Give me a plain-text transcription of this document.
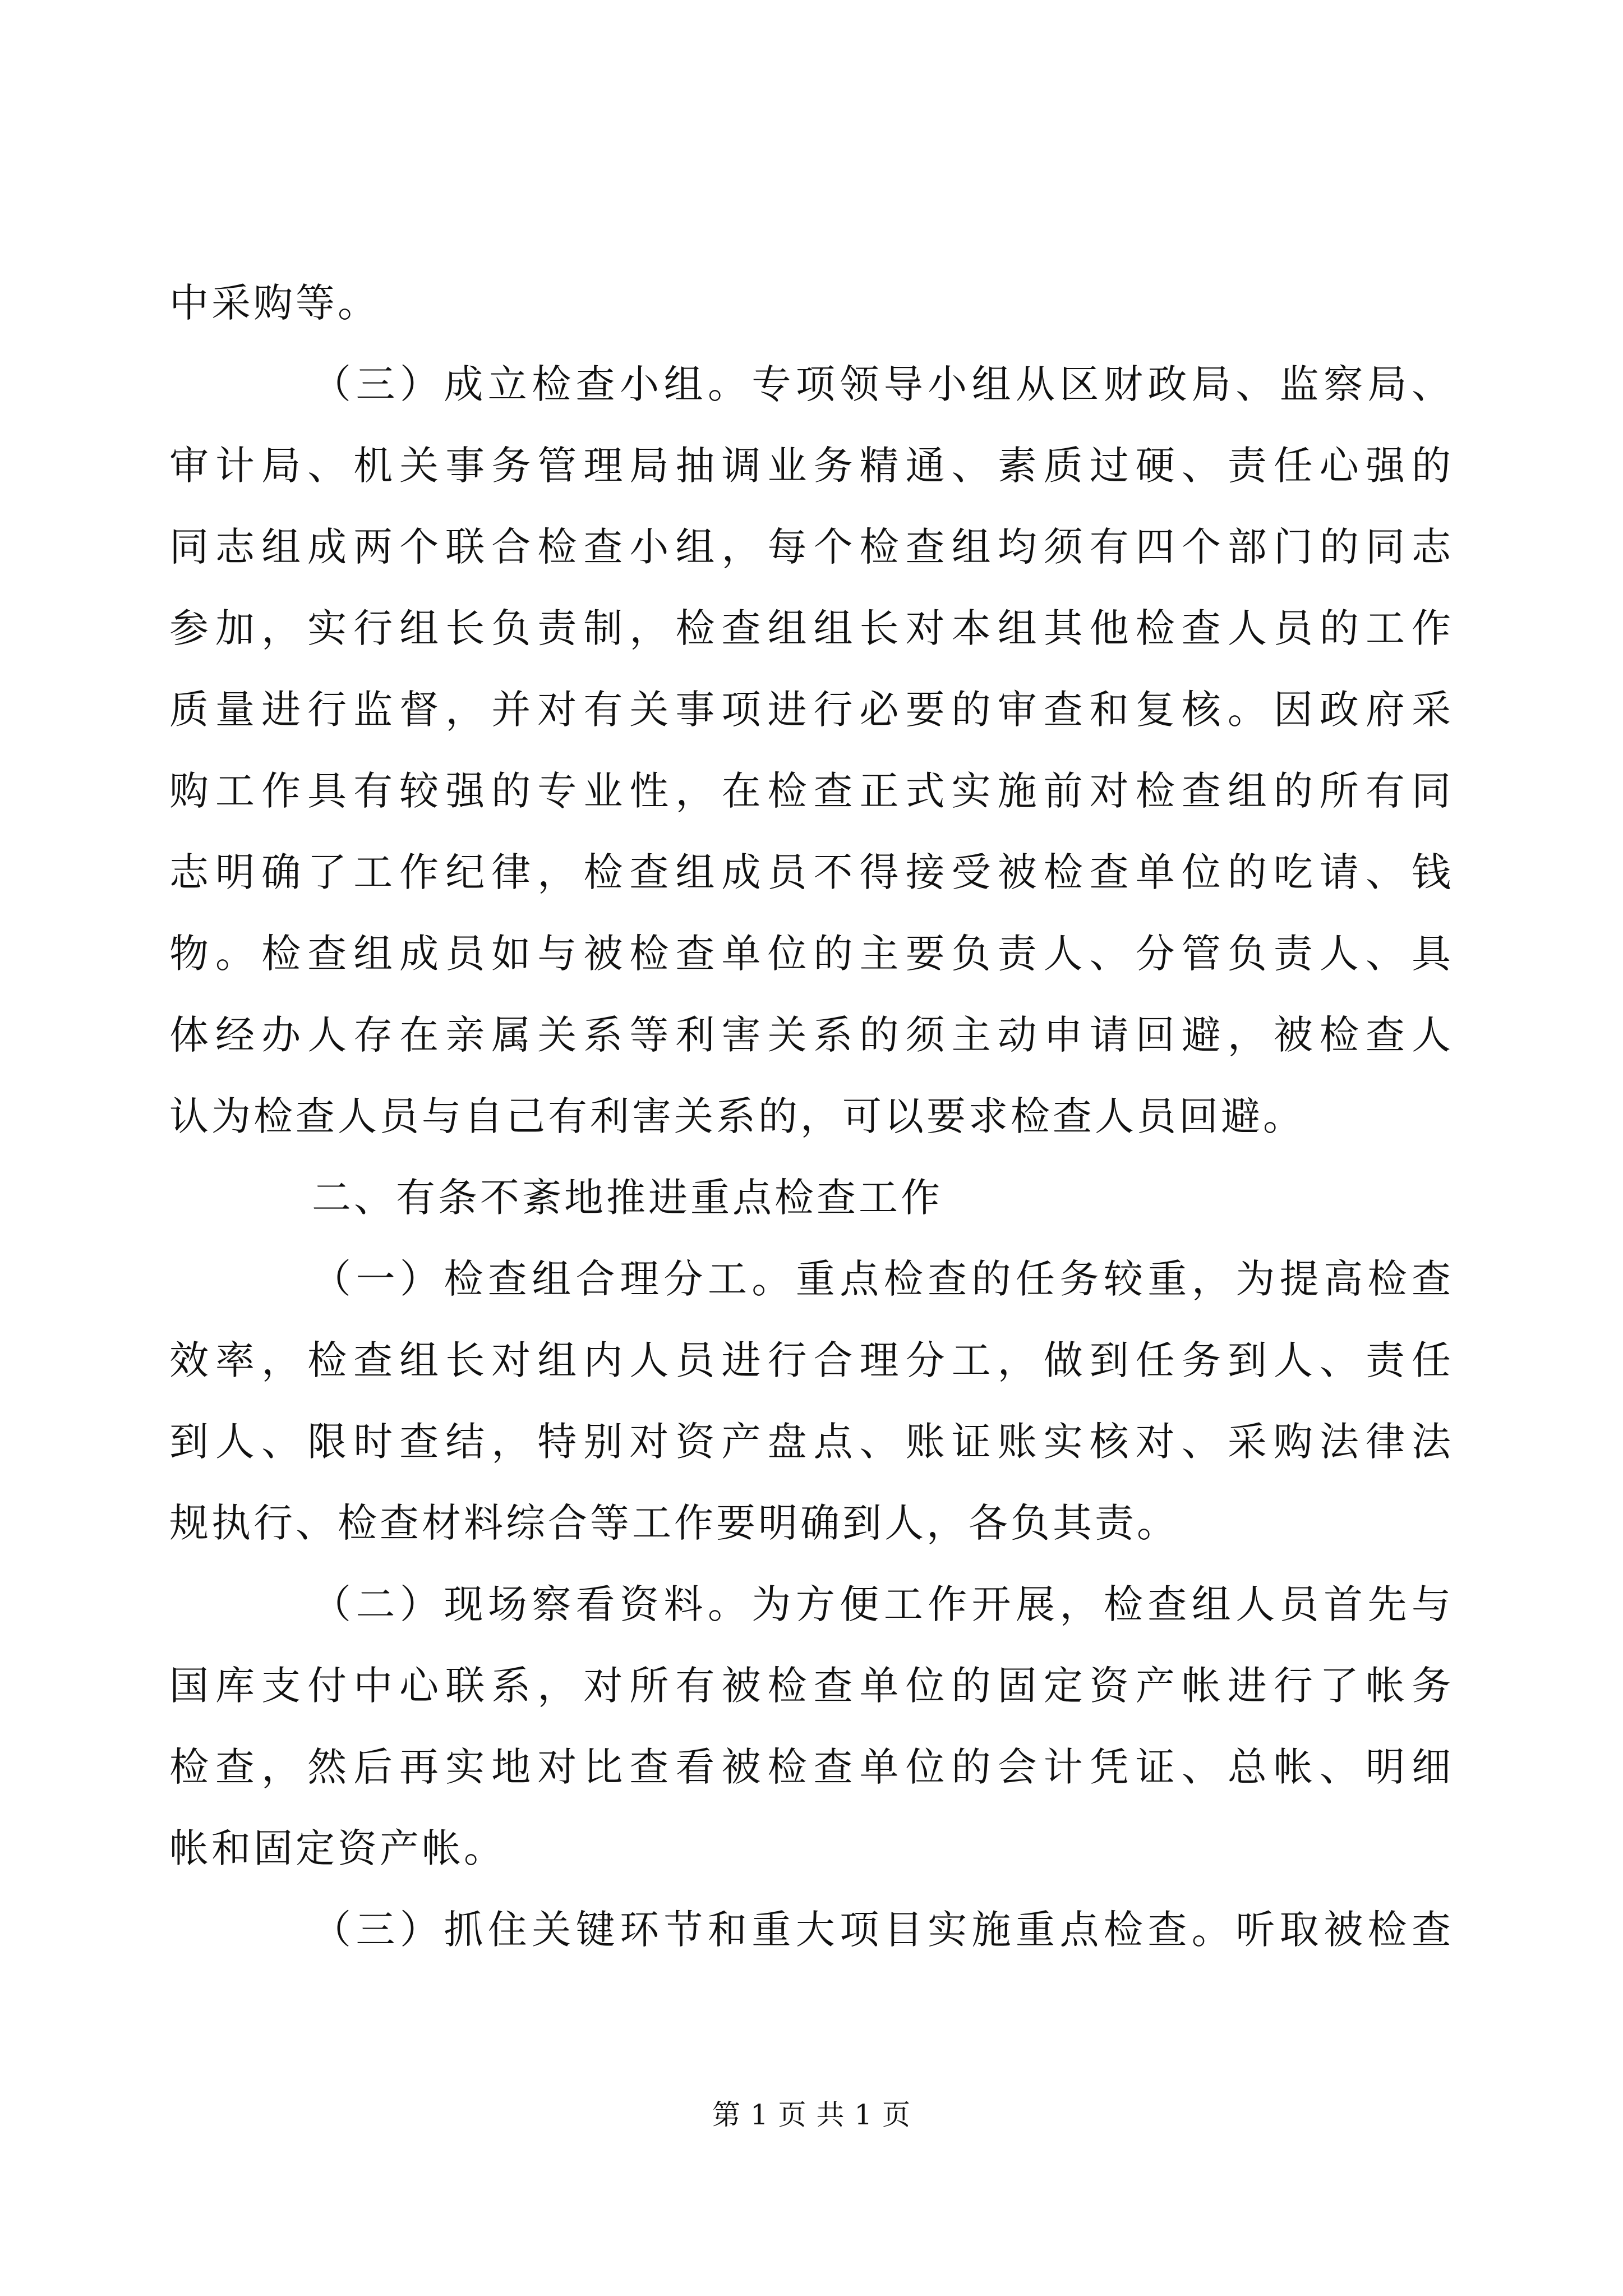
中采购等。
（三）成立检查小组。专项领导小组从区财政局、监察局、
审计局、机关事务管理局抽调业务精通、素质过硬、责任心强的
同志组成两个联合检查小组，每个检查组均须有四个部门的同志
参加，实行组长负责制，检查组组长对本组其他检查人员的工作
质量进行监督，并对有关事项进行必要的审查和复核。因政府采
购工作具有较强的专业性，在检查正式实施前对检查组的所有同
志明确了工作纪律，检查组成员不得接受被检查单位的吃请、钱
物。检查组成员如与被检查单位的主要负责人、分管负责人、具
体经办人存在亲属关系等利害关系的须主动申请回避，被检查人
认为检查人员与自己有利害关系的，可以要求检查人员回避。
二、有条不紊地推进重点检查工作
（一）检查组合理分工。重点检查的任务较重，为提高检查
效率，检查组长对组内人员进行合理分工，做到任务到人、责任
到人、限时查结，特别对资产盘点、账证账实核对、采购法律法
规执行、检查材料综合等工作要明确到人，各负其责。
（二）现场察看资料。为方便工作开展，检查组人员首先与
国库支付中心联系，对所有被检查单位的固定资产帐进行了帐务
检查，然后再实地对比查看被检查单位的会计凭证、总帐、明细
帐和固定资产帐。
（三）抓住关键环节和重大项目实施重点检查。听取被检查
第 1 页 共 1 页
